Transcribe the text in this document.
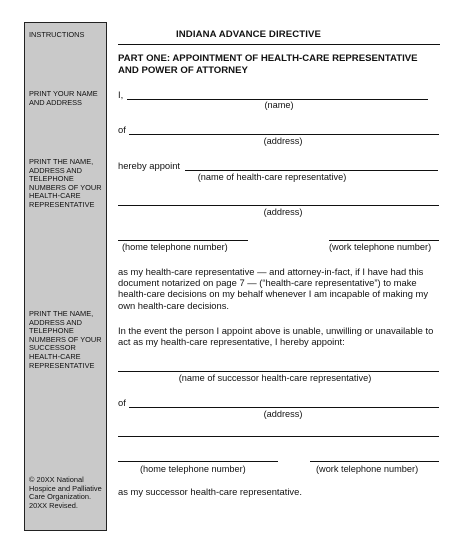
INSTRUCTIONS
PRINT YOUR NAME AND ADDRESS
PRINT THE NAME, ADDRESS AND TELEPHONE NUMBERS OF YOUR HEALTH-CARE REPRESENTATIVE
PRINT THE NAME, ADDRESS AND TELEPHONE NUMBERS OF YOUR SUCCESSOR HEALTH-CARE REPRESENTATIVE
© 20XX National Hospice and Palliative Care Organization. 20XX Revised.
INDIANA ADVANCE DIRECTIVE
PART ONE: APPOINTMENT OF HEALTH-CARE REPRESENTATIVE AND POWER OF ATTORNEY
I,
(name)
of
(address)
hereby appoint
(name of health-care representative)
(address)
(home telephone number)	(work telephone number)
as my health-care representative — and attorney-in-fact, if I have had this document notarized on page 7 — (“health-care representative”) to make health-care decisions on my behalf whenever I am incapable of making my own health-care decisions.
In the event the person I appoint above is unable, unwilling or unavailable to act as my health-care representative, I hereby appoint:
(name of successor health-care representative)
of
(address)
(home telephone number)	(work telephone number)
as my successor health-care representative.
